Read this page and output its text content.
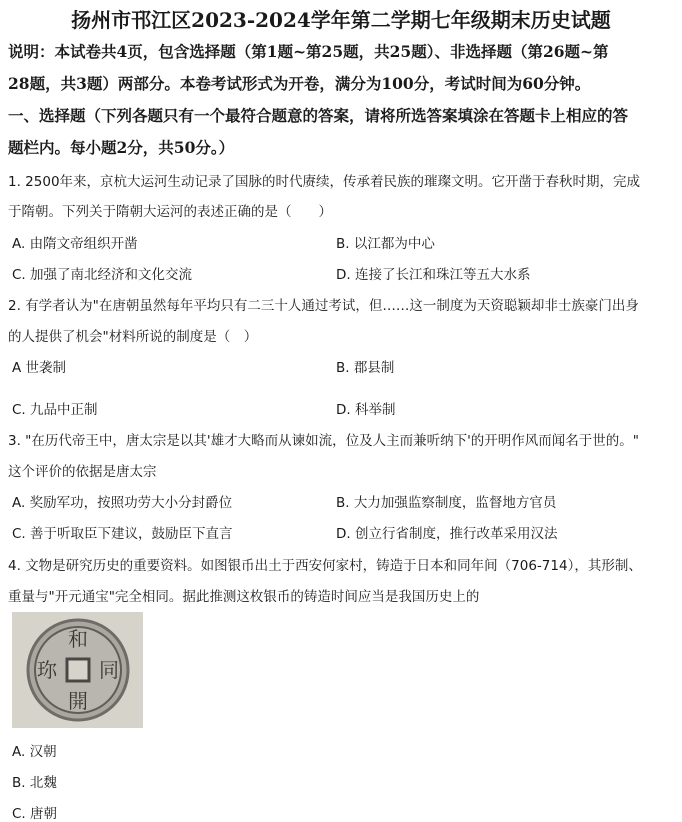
扬州市邗江区2023-2024学年第二学期七年级期末历史试题
说明：本试卷共4页，包含选择题（第1题~第25题，共25题）、非选择题（第26题~第
28题，共3题）两部分。本卷考试形式为开卷，满分为100分，考试时间为60分钟。
一、选择题（下列各题只有一个最符合题意的答案，请将所选答案填涂在答题卡上相应的答
题栏内。每小题2分，共50分。）
1. 2500年来，京杭大运河生动记录了国脉的时代赓续，传承着民族的璀璨文明。它开凿于春秋时期，完成
于隋朝。下列关于隋朝大运河的表述正确的是（　　）
A. 由隋文帝组织开凿	B. 以江都为中心
C. 加强了南北经济和文化交流	D. 连接了长江和珠江等五大水系
2. 有学者认为"在唐朝虽然每年平均只有二三十人通过考试，但……这一制度为天资聪颖却非士族豪门出身
的人提供了机会"材料所说的制度是（　）
A 世袭制	B. 郡县制
C. 九品中正制	D. 科举制
3. "在历代帝王中，唐太宗是以其'雄才大略而从谏如流，位及人主而兼听纳下'的开明作风而闻名于世的。"
这个评价的依据是唐太宗
A. 奖励军功，按照功劳大小分封爵位	B. 大力加强监察制度，监督地方官员
C. 善于听取臣下建议，鼓励臣下直言	D. 创立行省制度，推行改革采用汉法
4. 文物是研究历史的重要资料。如图银币出土于西安何家村，铸造于日本和同年间（706-714），其形制、
重量与"开元通宝"完全相同。据此推测这枚银币的铸造时间应当是我国历史上的
和
同
開
珎
A. 汉朝
B. 北魏
C. 唐朝
